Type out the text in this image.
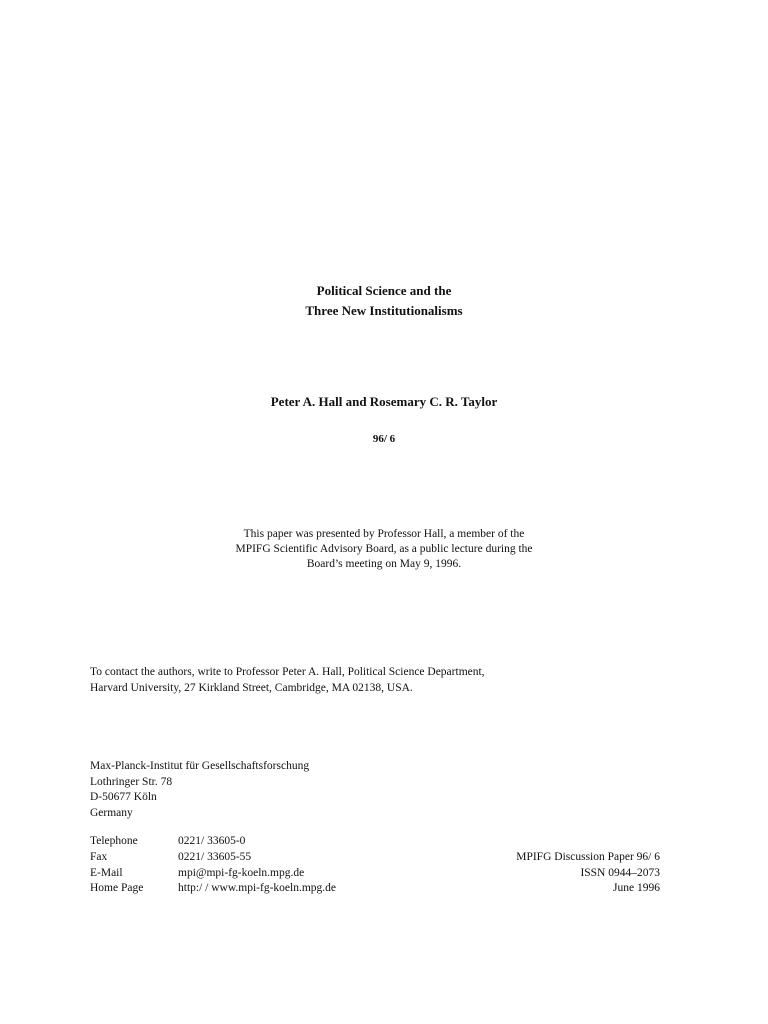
Political Science and the
Three New Institutionalisms
Peter A. Hall and Rosemary C. R. Taylor
96/ 6
This paper was presented by Professor Hall, a member of the
MPIFG Scientific Advisory Board, as a public lecture during the
Board’s meeting on May 9, 1996.
To contact the authors, write to Professor Peter A. Hall, Political Science Department,
Harvard University, 27 Kirkland Street, Cambridge, MA 02138, USA.
Max-Planck-Institut für Gesellschaftsforschung
Lothringer Str. 78
D-50677 Köln
Germany
Telephone	0221/ 33605-0
Fax	0221/ 33605-55	MPIFG Discussion Paper 96/ 6
E-Mail	mpi@mpi-fg-koeln.mpg.de	ISSN 0944–2073
Home Page	http:/ / www.mpi-fg-koeln.mpg.de	June 1996
